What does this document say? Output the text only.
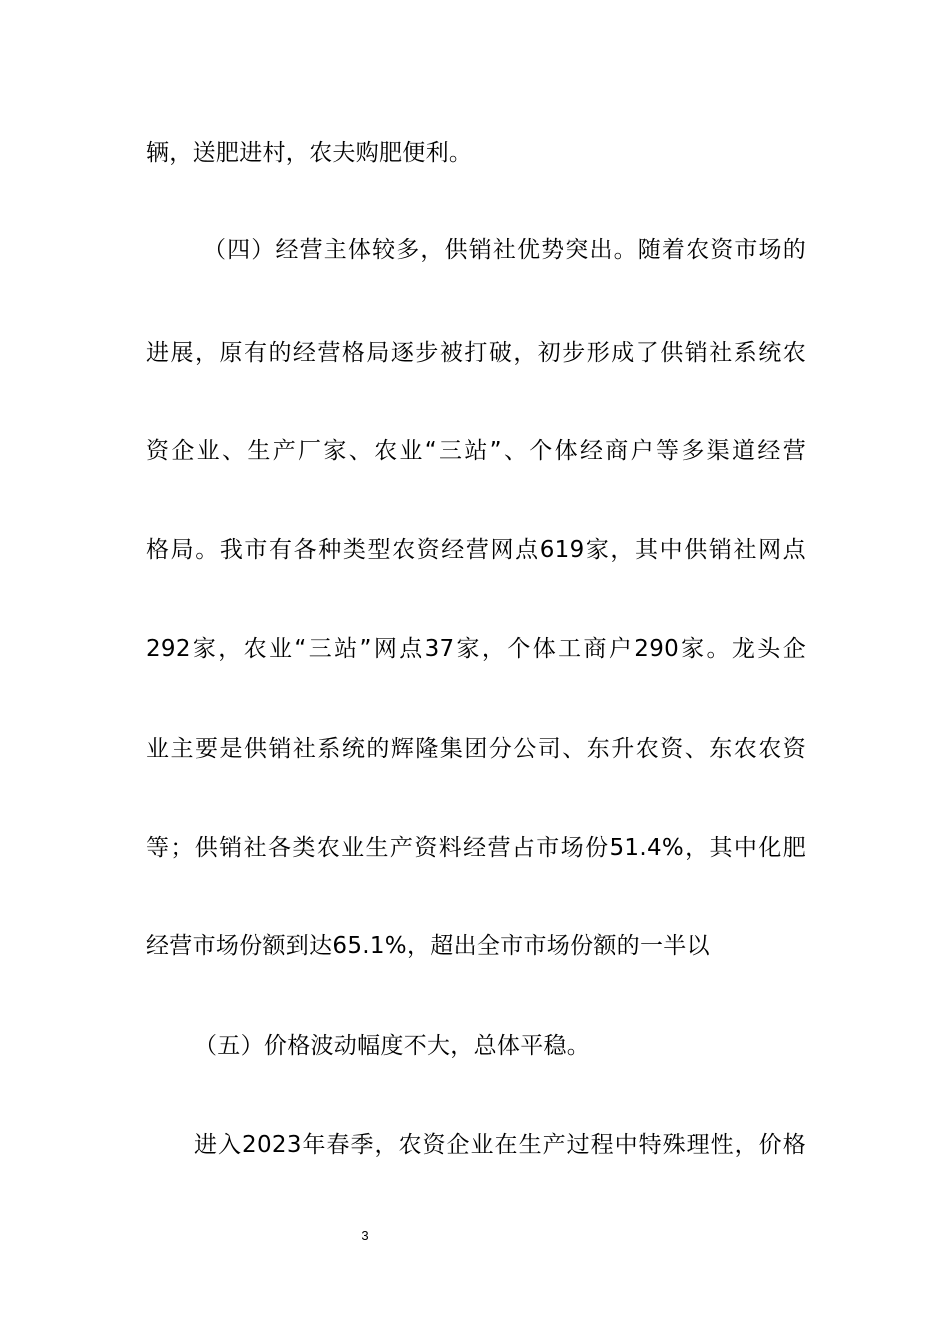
辆，送肥进村，农夫购肥便利。
（四）经营主体较多，供销社优势突出。随着农资市场的
进展，原有的经营格局逐步被打破，初步形成了供销社系统农
资企业、生产厂家、农业“三站”、个体经商户等多渠道经营
格局。我市有各种类型农资经营网点619家，其中供销社网点
292家，农业“三站”网点37家，个体工商户290家。龙头企
业主要是供销社系统的辉隆集团分公司、东升农资、东农农资
等；供销社各类农业生产资料经营占市场份51.4%，其中化肥
经营市场份额到达65.1%，超出全市市场份额的一半以
（五）价格波动幅度不大，总体平稳。
进入2023年春季，农资企业在生产过程中特殊理性，价格
3
